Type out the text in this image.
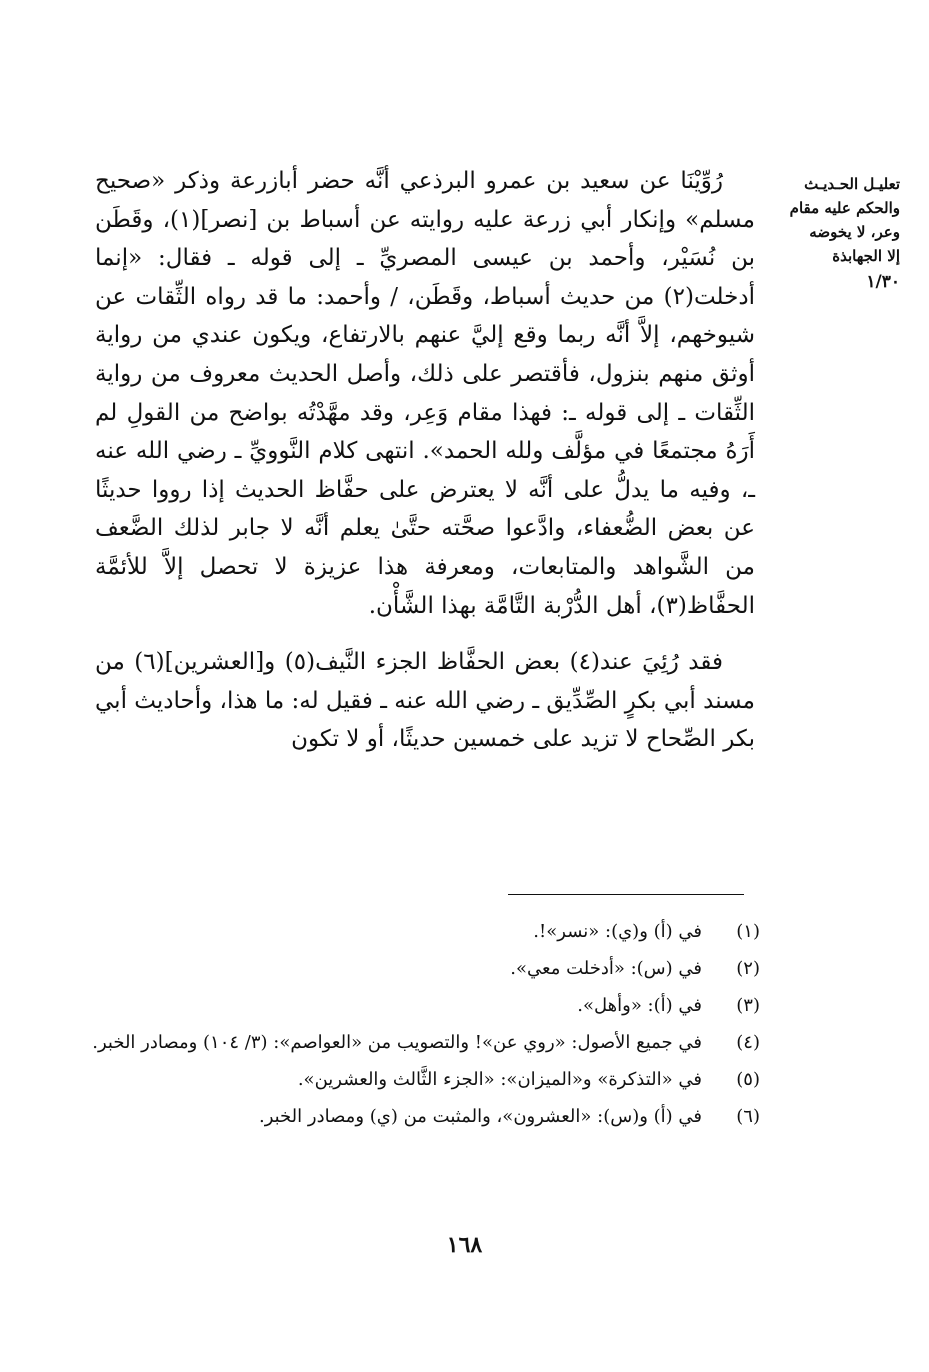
تعليـل الحـديـث
والحكم عليه مقام
وعر، لا يخوضه
إلا الجهابذة
١/٣٠

رُوِّيْنَا عن سعيد بن عمرو البرذعي أنَّه حضر أبازرعة وذكر «صحيح مسلم» وإنكار أبي زرعة عليه روايته عن أسباط بن [نصر](١)، وقَطَن بن نُسَيْر، وأحمد بن عيسى المصريِّ ـ إلى قوله ـ فقال: «إنما أدخلت(٢) من حديث أسباط، وقَطَن، / وأحمد: ما قد رواه الثِّقات عن شيوخهم، إلاَّ أنَّه ربما وقع إليَّ عنهم بالارتفاع، ويكون عندي من رواية أوثق منهم بنزول، فأقتصر على ذلك، وأصل الحديث معروف من رواية الثِّقات ـ إلى قوله ـ: فهذا مقام وَعِر، وقد مهَّدْتُه بواضح من القولِ لم أَرَهُ مجتمعًا في مؤلَّف ولله الحمد». انتهى كلام النَّوويِّ ـ رضي الله عنه ـ، وفيه ما يدلُّ على أنَّه لا يعترض على حفَّاظ الحديث إذا رووا حديثًا عن بعض الضُّعفاء، وادَّعوا صحَّته حتَّىٰ يعلم أنَّه لا جابر لذلك الضَّعف من الشَّواهد والمتابعات، ومعرفة هذا عزيزة لا تحصل إلاَّ للأئمَّة الحفَّاظ(٣)، أهل الدُّرْبة التَّامَّة بهذا الشَّأْن.

فقد رُئِيَ عند(٤) بعض الحفَّاظ الجزء النَّيف(٥) و[العشرين](٦) من مسند أبي بكرٍ الصِّدِّيق ـ رضي الله عنه ـ فقيل له: ما هذا، وأحاديث أبي بكر الصِّحاح لا تزيد على خمسين حديثًا، أو لا تكون

(١)
في (أ) و(ي): «نسر»!.
(٢)
في (س): «أدخلت معي».
(٣)
في (أ): «وأهل».
(٤)
في جميع الأصول: «روي عن»! والتصويب من «العواصم»: (٣/ ١٠٤) ومصادر الخبر.
(٥)
في «التذكرة» و«الميزان»: «الجزء الثَّالث والعشرين».
(٦)
في (أ) و(س): «العشرون»، والمثبت من (ي) ومصادر الخبر.
١٦٨
